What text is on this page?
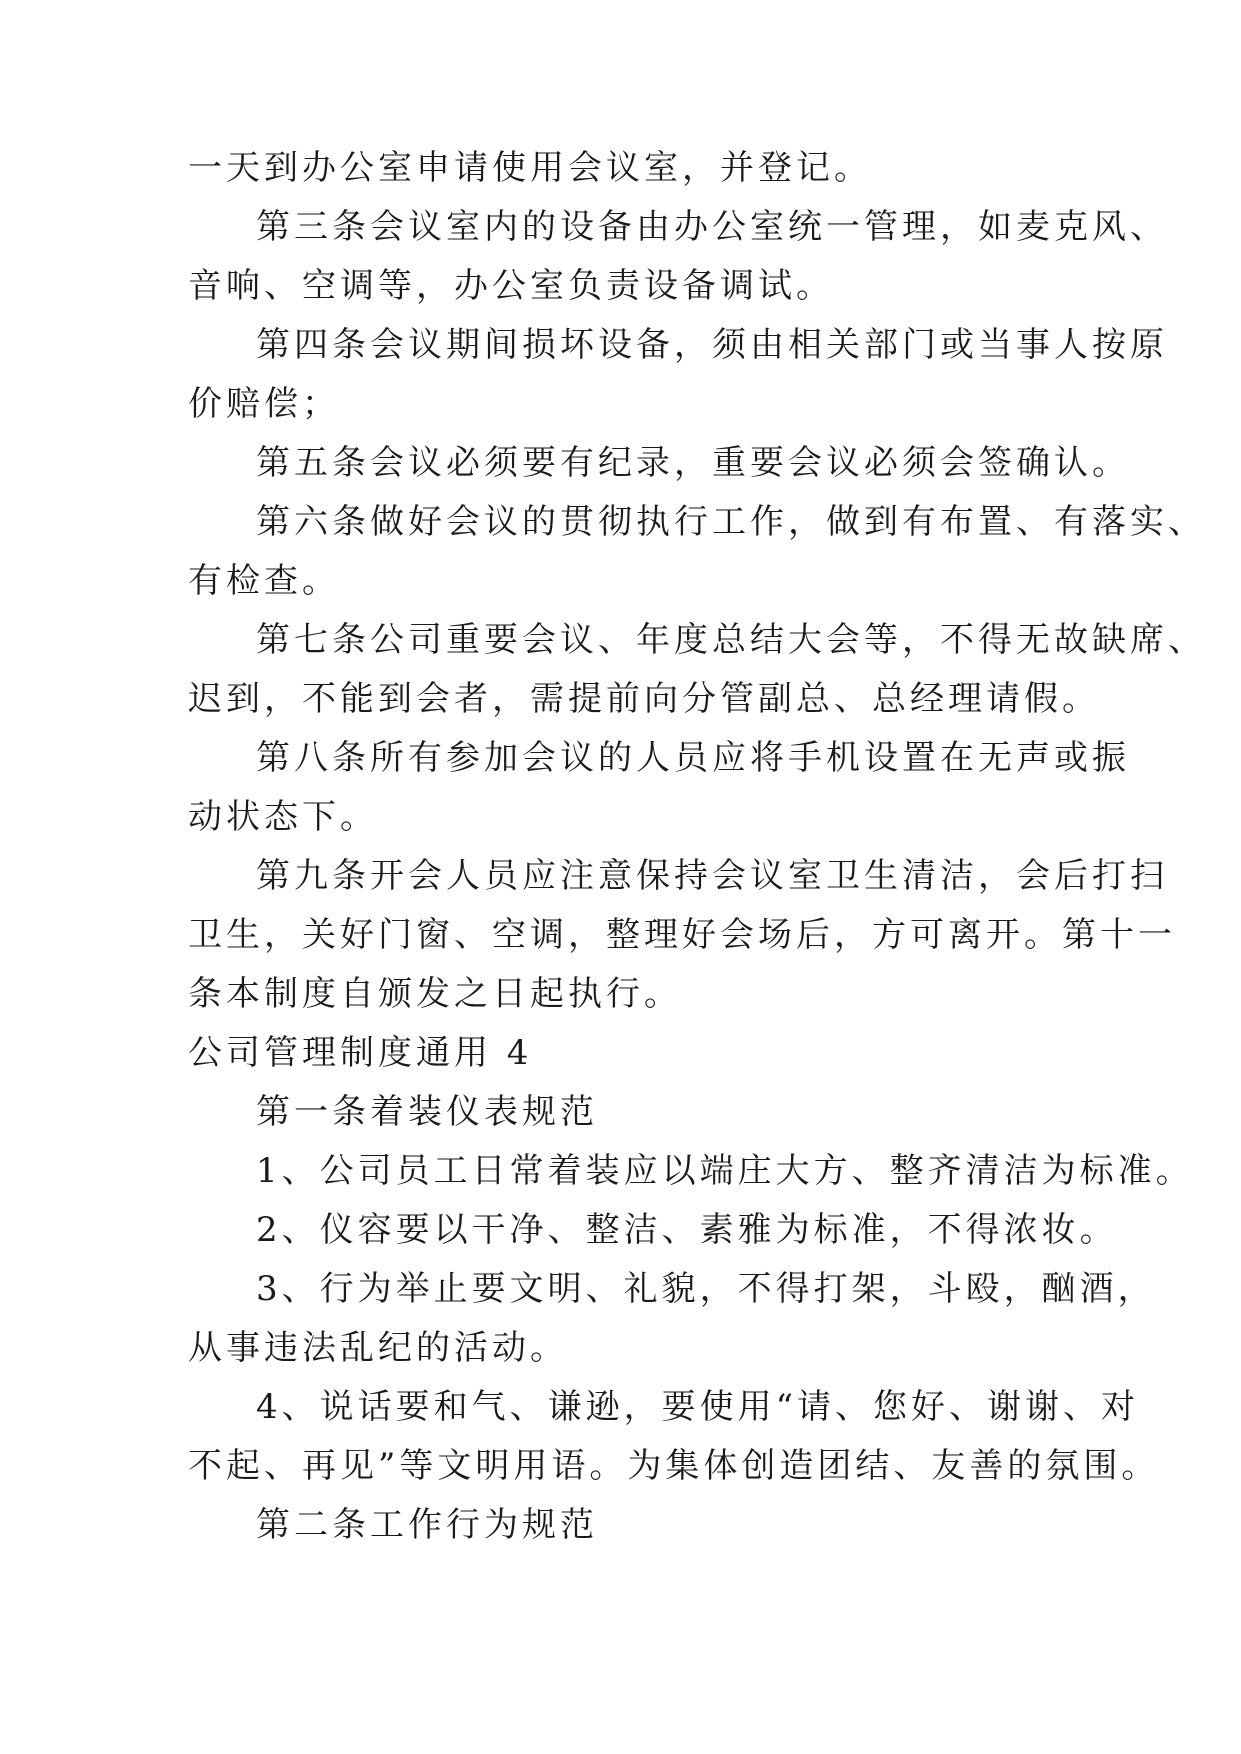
一天到办公室申请使用会议室，并登记。
第三条会议室内的设备由办公室统一管理，如麦克风、
音响、空调等，办公室负责设备调试。
第四条会议期间损坏设备，须由相关部门或当事人按原
价赔偿；
第五条会议必须要有纪录，重要会议必须会签确认。
第六条做好会议的贯彻执行工作，做到有布置、有落实、
有检查。
第七条公司重要会议、年度总结大会等，不得无故缺席、
迟到，不能到会者，需提前向分管副总、总经理请假。
第八条所有参加会议的人员应将手机设置在无声或振
动状态下。
第九条开会人员应注意保持会议室卫生清洁，会后打扫
卫生，关好门窗、空调，整理好会场后，方可离开。第十一
条本制度自颁发之日起执行。
公司管理制度通用 4
第一条着装仪表规范
1、公司员工日常着装应以端庄大方、整齐清洁为标准。
2、仪容要以干净、整洁、素雅为标准，不得浓妆。
3、行为举止要文明、礼貌，不得打架，斗殴，酗酒，
从事违法乱纪的活动。
4、说话要和气、谦逊，要使用“请、您好、谢谢、对
不起、再见”等文明用语。为集体创造团结、友善的氛围。
第二条工作行为规范
